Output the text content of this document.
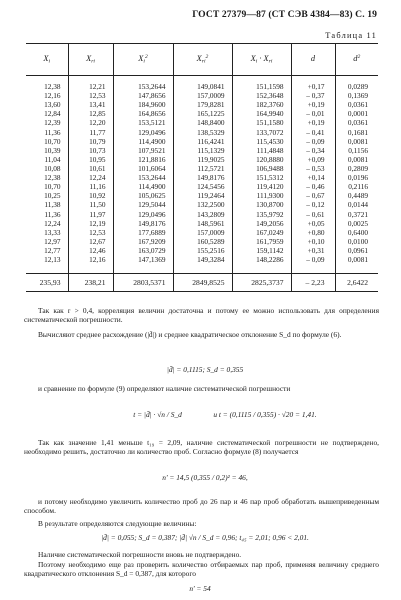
ГОСТ 27379—87 (СТ СЭВ 4384—83) С. 19
Таблица 11
$X_i$	$X_{ri}$	$X_i^2$	$X_{ri}^2$	$X_i \cdot X_{ri}$	d	$d^2$

12,38	12,21	153,2644	149,0841	151,1598	+0,17	0,0289
12,16	12,53	147,8656	157,0009	152,3648	– 0,37	0,1369
13,60	13,41	184,9600	179,8281	182,3760	+0,19	0,0361
12,84	12,85	164,8656	165,1225	164,9940	– 0,01	0,0001
12,39	12,20	153,5121	148,8400	151,1580	+0,19	0,0361
11,36	11,77	129,0496	138,5329	133,7072	– 0,41	0,1681
10,70	10,79	114,4900	116,4241	115,4530	– 0,09	0,0081
10,39	10,73	107,9521	115,1329	111,4848	– 0,34	0,1156
11,04	10,95	121,8816	119,9025	120,8880	+0,09	0,0081
10,08	10,61	101,6064	112,5721	106,9488	– 0,53	0,2809
12,38	12,24	153,2644	149,8176	151,5312	+0,14	0,0196
10,70	11,16	114,4900	124,5456	119,4120	– 0,46	0,2116
10,25	10,92	105,0625	119,2464	111,9300	– 0,67	0,4489
11,38	11,50	129,5044	132,2500	130,8700	– 0,12	0,0144
11,36	11,97	129,0496	143,2809	135,9792	– 0,61	0,3721
12,24	12,19	149,8176	148,5961	149,2056	+0,05	0,0025
13,33	12,53	177,6889	157,0009	167,0249	+0,80	0,6400
12,97	12,67	167,9209	160,5289	161,7959	+0,10	0,0100
12,77	12,46	163,0729	155,2516	159,1142	+0,31	0,0961
12,13	12,16	147,1369	149,3284	148,2286	– 0,09	0,0081

235,93	238,21	2803,5371	2849,8525	2825,3737	– 2,23	2,6422

Так как r > 0,4, корреляция величин достаточна и потому ее можно использовать для определения систематической погрешности.

Вычисляют среднее расхождение (|d̄|) и среднее квадратическое отклонение S_d по формуле (6).

|d̄| = 0,1115; S_d = 0,355

и сравнение по формуле (9) определяют наличие систематической погрешности

t = |d̄| · √n / S_d	и t = (0,1115 / 0,355) · √20 = 1,41.

Так как значение 1,41 меньше t₁₉ = 2,09, наличие систематической погрешности не подтверждено, необходимо решить, достаточно ли количество проб. Согласно формуле (8) получается

n' = 14,5 (0,355 / 0,2)² = 46,

и потому необходимо увеличить количество проб до 26 пар и 46 пар проб обработать вышеприведенным способом.

В результате определяются следующие величины:

|d̄| = 0,055; S_d = 0,387; |d̄| √n / S_d = 0,96; t₄₅ = 2,01; 0,96 < 2,01.

Наличие систематической погрешности вновь не подтверждено.

Поэтому необходимо еще раз проверить количество отбираемых пар проб, применяя величину среднего квадратического отклонения S_d = 0,387, для которого

n' = 54
